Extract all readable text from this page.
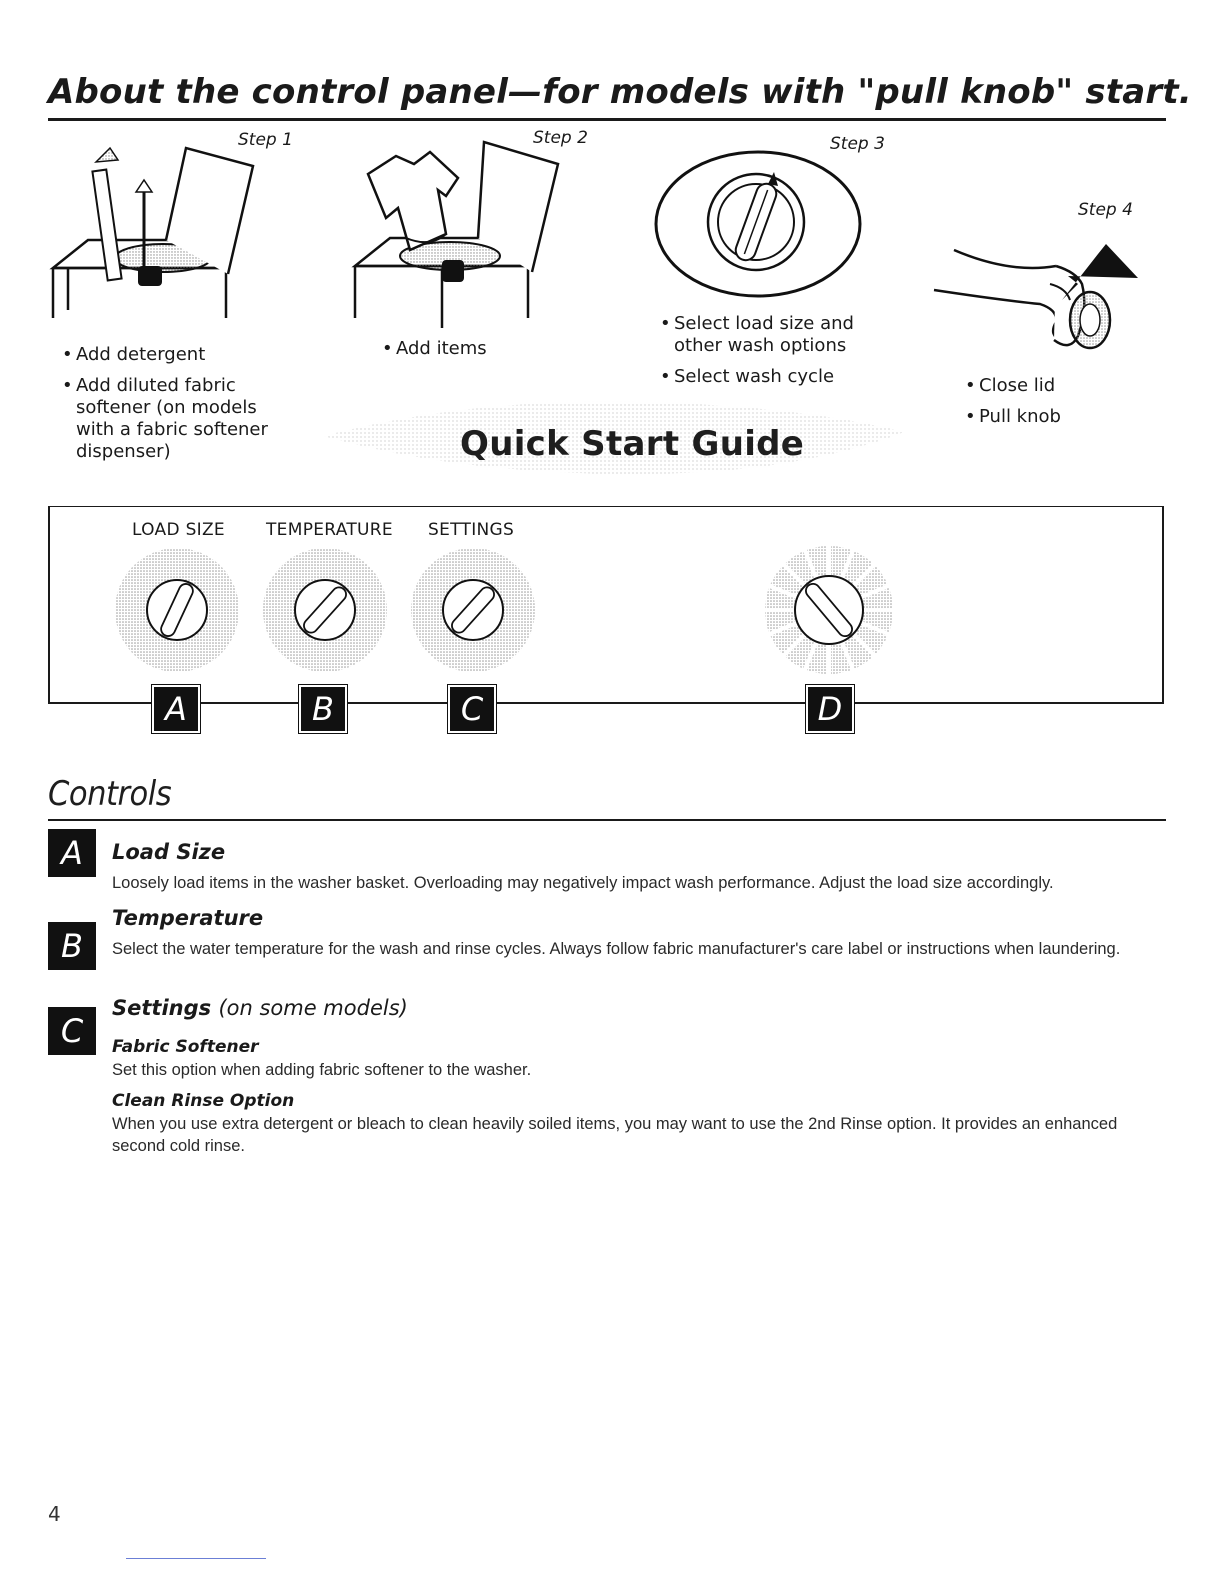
About the control panel—for models with "pull knob" start.
Step 1
• Add detergent
• Add diluted fabric softener (on models with a fabric softener dispenser)
Step 2
• Add items
Step 3
• Select load size and other wash options
• Select wash cycle
Step 4
• Close lid
• Pull knob
Quick Start Guide
LOAD SIZE TEMPERATURE SETTINGS
A	B	C	D
Controls
A	Load Size
Loosely load items in the washer basket. Overloading may negatively impact wash performance. Adjust the load size accordingly.
B
Temperature
Select the water temperature for the wash and rinse cycles. Always follow fabric manufacturer's care label or instructions when laundering.
C
Settings (on some models)
Fabric Softener
Set this option when adding fabric softener to the washer.
Clean Rinse Option
When you use extra detergent or bleach to clean heavily soiled items, you may want to use the 2nd Rinse option. It provides an enhanced second cold rinse.
4
